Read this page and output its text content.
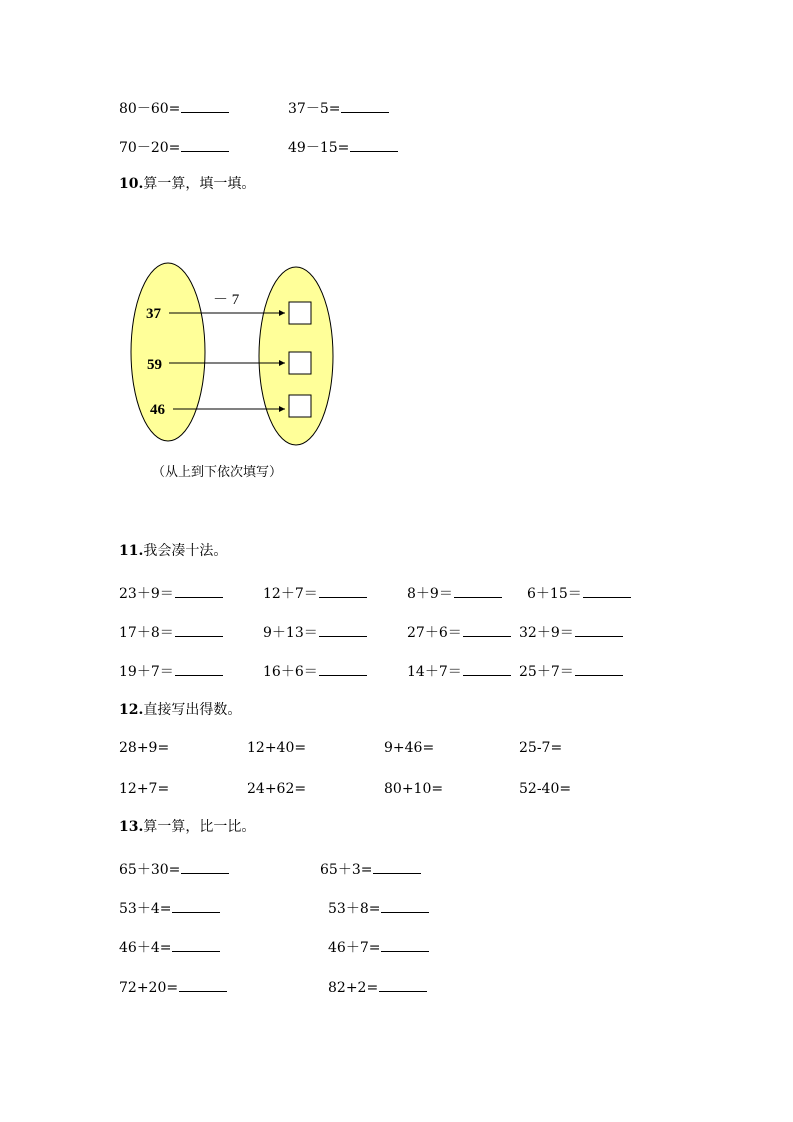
80－60=	37－5=
70－20=	49－15=
10.算一算，填一填。
－ 7
37
59
46
（从上到下依次填写）
11.我会凑十法。
23＋9＝	12＋7＝	8＋9＝	6＋15＝
17＋8＝	9＋13＝	27＋6＝	32＋9＝
19＋7＝	16＋6＝	14＋7＝	25＋7＝
12.直接写出得数。
28+9=	12+40=	9+46=	25-7=
12+7=	24+62=	80+10=	52-40=
13.算一算，比一比。
65＋30=	65＋3=
53＋4=	53＋8=
46＋4=	46＋7=
72+20=	82+2=
